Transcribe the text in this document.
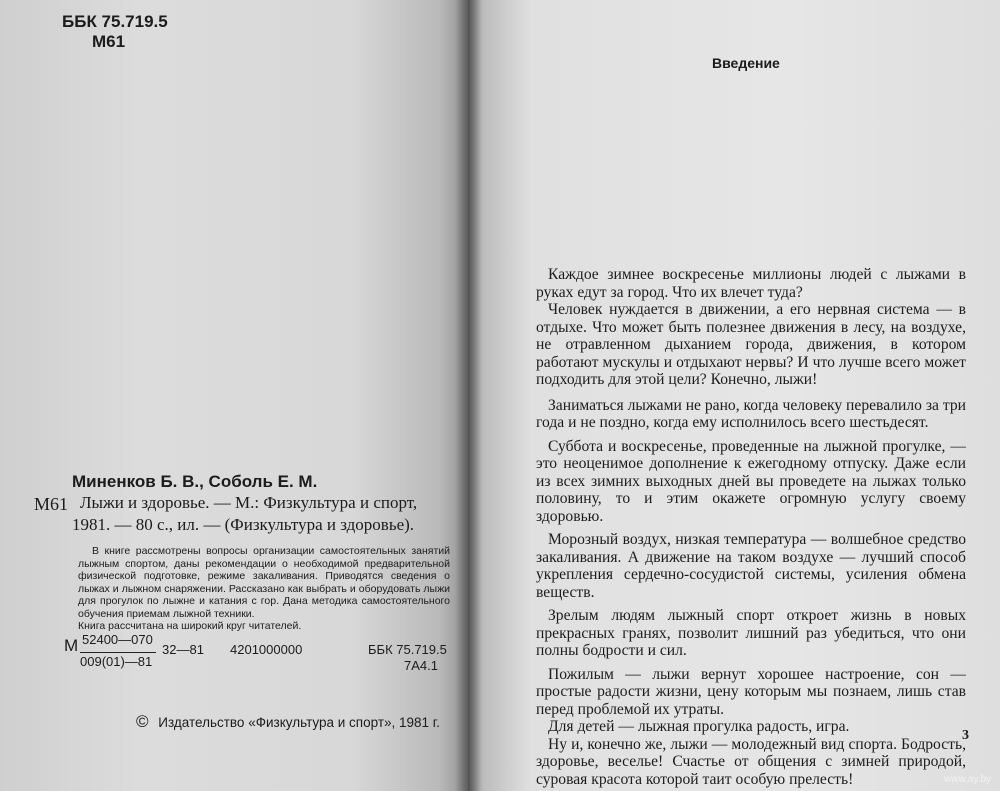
ББК 75.719.5
М61
Миненков Б. В., Соболь Е. М.
М61 Лыжи и здоровье. — М.: Физкультура и спорт,
1981. — 80 с., ил. — (Физкультура и здоровье).
В книге рассмотрены вопросы организации самостоятельных занятий лыжным спортом, даны рекомендации о необходимой предварительной физической подготовке, режиме закаливания. Приводятся сведения о лыжах и лыжном снаряжении. Рассказано как выбрать и оборудовать лыжи для прогулок по лыжне и катания с гор. Дана методика самостоятельного обучения приемам лыжной техники.
Книга рассчитана на широкий круг читателей.
М 52400—070
009(01)—81
32—81 4201000000	ББК 75.719.5
7А4.1
© Издательство «Физкультура и спорт», 1981 г.
Введение

Каждое зимнее воскресенье миллионы людей с лыжами в руках едут за город. Что их влечет туда?

Человек нуждается в движении, а его нервная система — в отдыхе. Что может быть полезнее движения в лесу, на воздухе, не отравленном дыханием города, движения, в котором работают мускулы и отдыхают нервы? И что лучше всего может подходить для этой цели? Конечно, лыжи!

Заниматься лыжами не рано, когда человеку перевалило за три года и не поздно, когда ему исполнилось всего шестьдесят.

Суббота и воскресенье, проведенные на лыжной прогулке, — это неоценимое дополнение к ежегодному отпуску. Даже если из всех зимних выходных дней вы проведете на лыжах только половину, то и этим окажете огромную услугу своему здоровью.

Морозный воздух, низкая температура — волшебное средство закаливания. А движение на таком воздухе — лучший способ укрепления сердечно-сосудистой системы, усиления обмена веществ.

Зрелым людям лыжный спорт откроет жизнь в новых прекрасных гранях, позволит лишний раз убедиться, что они полны бодрости и сил.

Пожилым — лыжи вернут хорошее настроение, сон — простые радости жизни, цену которым мы познаем, лишь став перед проблемой их утраты.

Для детей — лыжная прогулка радость, игра.

Ну и, конечно же, лыжи — молодежный вид спорта. Бодрость, здоровье, веселье! Счастье от общения с зимней природой, суровая красота которой таит особую прелесть!

3
www.ay.by
